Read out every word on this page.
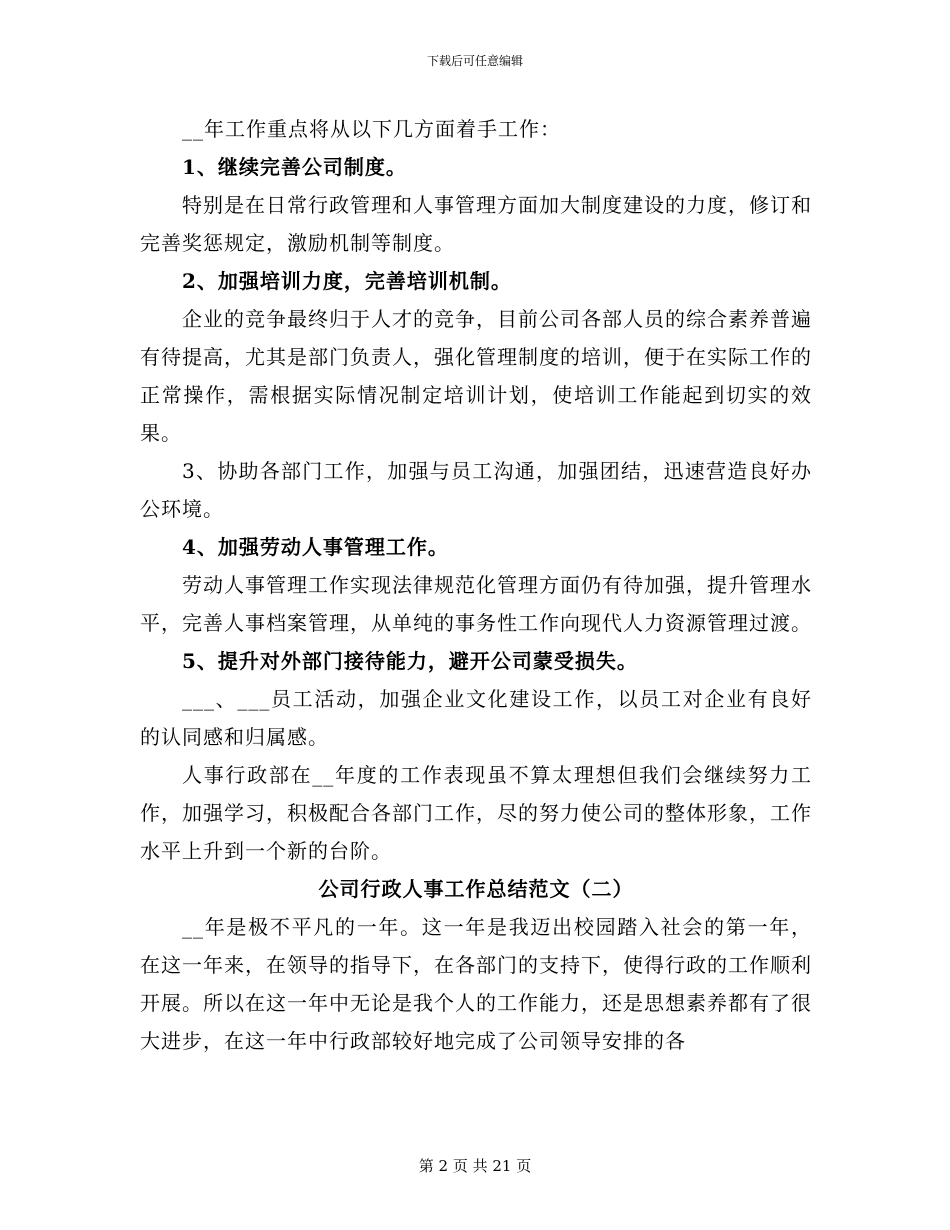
下载后可任意编辑

__年工作重点将从以下几方面着手工作：

1、继续完善公司制度。

特别是在日常行政管理和人事管理方面加大制度建设的力度，修订和完善奖惩规定，激励机制等制度。

2、加强培训力度，完善培训机制。

企业的竞争最终归于人才的竞争，目前公司各部人员的综合素养普遍有待提高，尤其是部门负责人，强化管理制度的培训，便于在实际工作的正常操作，需根据实际情况制定培训计划，使培训工作能起到切实的效果。

3、协助各部门工作，加强与员工沟通，加强团结，迅速营造良好办公环境。

4、加强劳动人事管理工作。

劳动人事管理工作实现法律规范化管理方面仍有待加强，提升管理水平，完善人事档案管理，从单纯的事务性工作向现代人力资源管理过渡。

5、提升对外部门接待能力，避开公司蒙受损失。

___、___员工活动，加强企业文化建设工作，以员工对企业有良好的认同感和归属感。

人事行政部在__年度的工作表现虽不算太理想但我们会继续努力工作，加强学习，积极配合各部门工作，尽的努力使公司的整体形象，工作水平上升到一个新的台阶。

公司行政人事工作总结范文（二）

__年是极不平凡的一年。这一年是我迈出校园踏入社会的第一年，在这一年来，在领导的指导下，在各部门的支持下，使得行政的工作顺利开展。所以在这一年中无论是我个人的工作能力，还是思想素养都有了很大进步，在这一年中行政部较好地完成了公司领导安排的各

第 2 页 共 21 页
